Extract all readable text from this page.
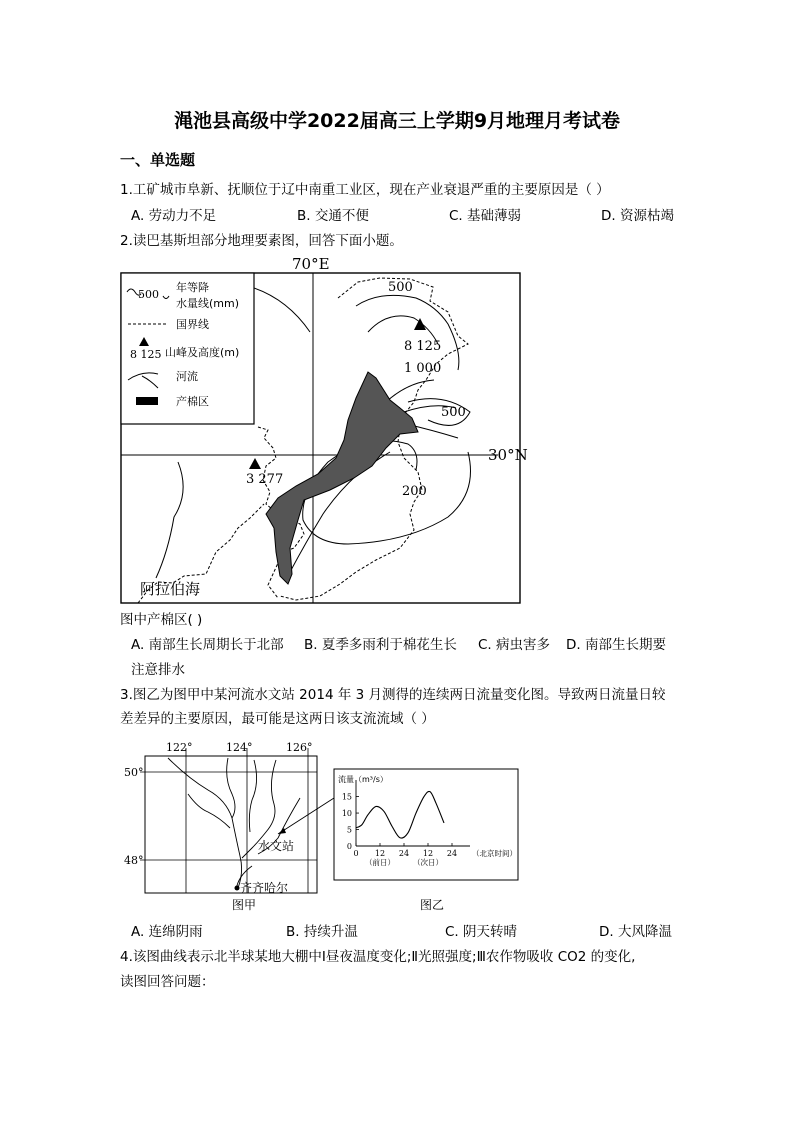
渑池县高级中学2022届高三上学期9月地理月考试卷
一、单选题
1.工矿城市阜新、抚顺位于辽中南重工业区，现在产业衰退严重的主要原因是（ ）
A. 劳动力不足	B. 交通不便	C. 基础薄弱	D. 资源枯竭
2.读巴基斯坦部分地理要素图，回答下面小题。
70°E
30°N
500
年等降
水量线(mm)
国界线
8 125 山峰及高度(m)
河流
产棉区
8 125
3 277
500
1 000
500
200
阿拉伯海
图中产棉区( )
A. 南部生长周期长于北部 B. 夏季多雨利于棉花生长 C. 病虫害多 D. 南部生长期要
注意排水
3.图乙为图甲中某河流水文站 2014 年 3 月测得的连续两日流量变化图。导致两日流量日较
差差异的主要原因，最可能是这两日该支流流域（ ）
122°	124°	126°
50°
48°
水文站
齐齐哈尔
图甲
流量（m³/s）
0
5
10
15
0 12 24 12 24 （北京时间）
（前日） （次日）
图乙
A. 连绵阴雨	B. 持续升温	C. 阴天转晴	D. 大风降温
4.该图曲线表示北半球某地大棚中Ⅰ昼夜温度变化;Ⅱ光照强度;Ⅲ农作物吸收 CO2 的变化,
读图回答问题：
